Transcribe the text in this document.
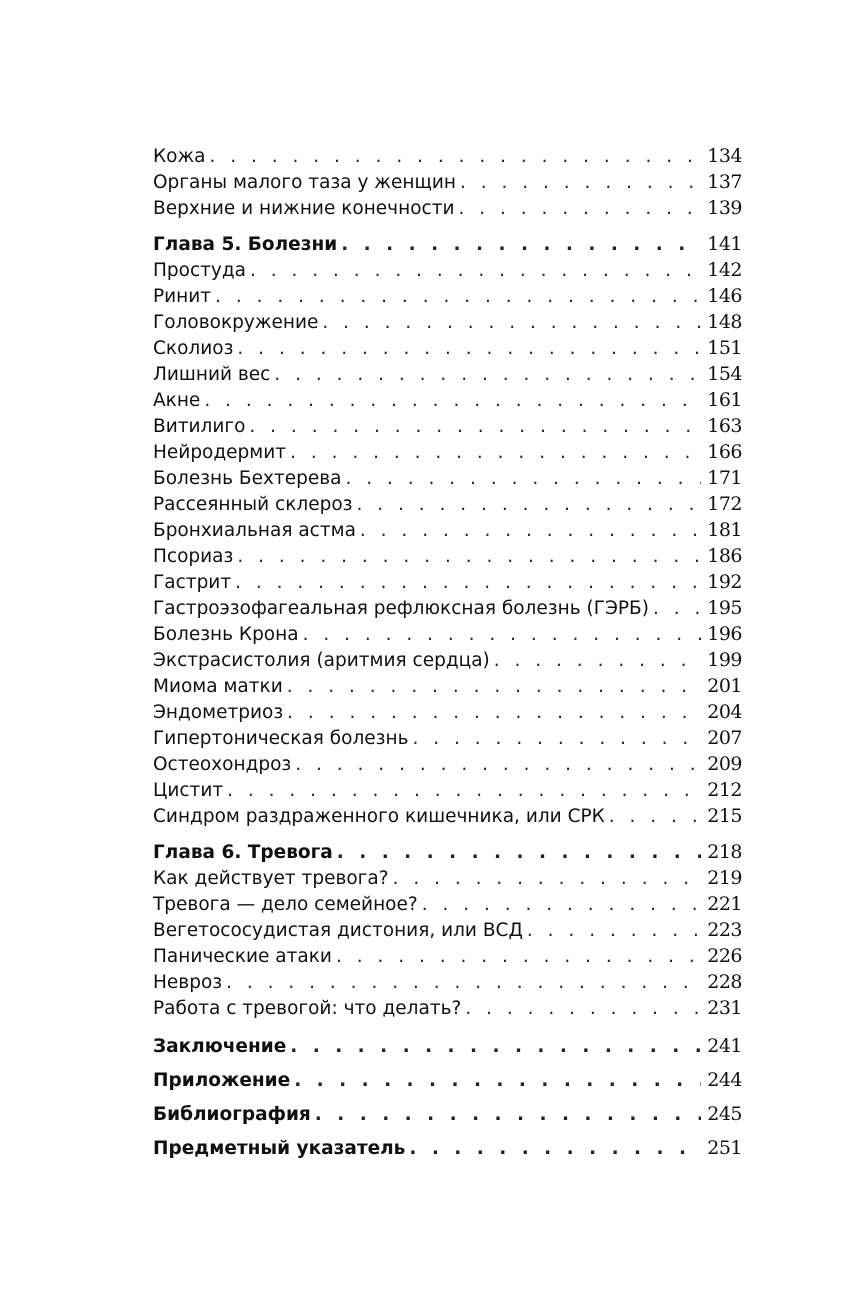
Кожа . . .	134
Органы малого таза у женщин . . .	137
Верхние и нижние конечности . . .	139
Глава 5. Болезни . . .	141
Простуда . . .	142
Ринит . . .	146
Головокружение . . .	148
Сколиоз . . .	151
Лишний вес . . .	154
Акне . . .	161
Витилиго . . .	163
Нейродермит . . .	166
Болезнь Бехтерева . . .	171
Рассеянный склероз . . .	172
Бронхиальная астма . . .	181
Псориаз . . .	186
Гастрит . . .	192
Гастроэзофагеальная рефлюксная болезнь (ГЭРБ) . . .	195
Болезнь Крона . . .	196
Экстрасистолия (аритмия сердца) . . .	199
Миома матки . . .	201
Эндометриоз . . .	204
Гипертоническая болезнь . . .	207
Остеохондроз . . .	209
Цистит . . .	212
Синдром раздраженного кишечника, или СРК . . .	215
Глава 6. Тревога . . .	218
Как действует тревога? . . .	219
Тревога — дело семейное? . . .	221
Вегетососудистая дистония, или ВСД . . .	223
Панические атаки . . .	226
Невроз . . .	228
Работа с тревогой: что делать? . . .	231
Заключение . . .	241
Приложение . . .	244
Библиография . . .	245
Предметный указатель . . .	251
